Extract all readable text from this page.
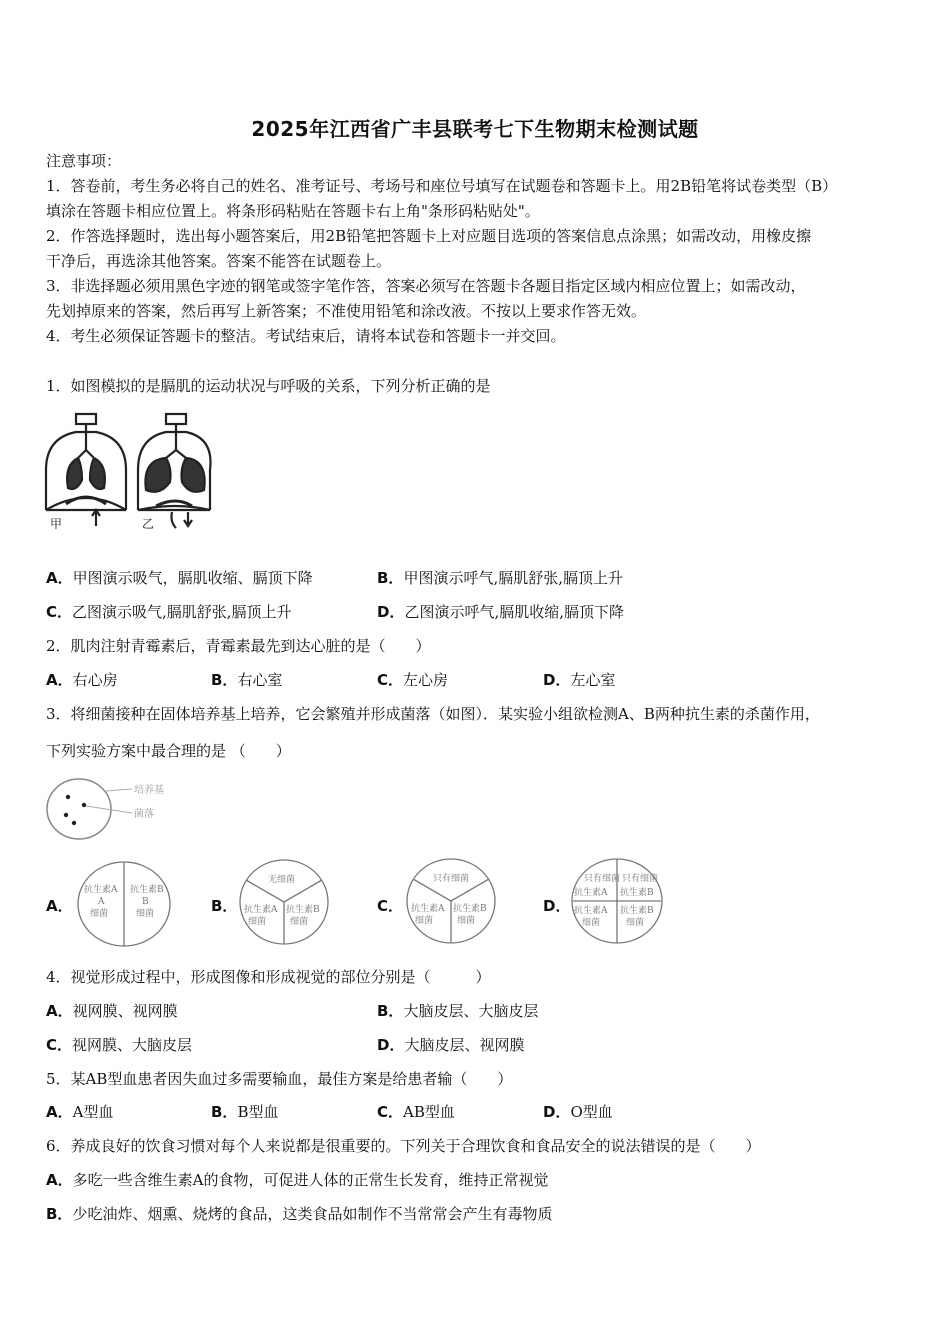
2025年江西省广丰县联考七下生物期末检测试题
注意事项：
1．答卷前，考生务必将自己的姓名、准考证号、考场号和座位号填写在试题卷和答题卡上。用2B铅笔将试卷类型（B）
填涂在答题卡相应位置上。将条形码粘贴在答题卡右上角"条形码粘贴处"。
2．作答选择题时，选出每小题答案后，用2B铅笔把答题卡上对应题目选项的答案信息点涂黑；如需改动，用橡皮擦
干净后，再选涂其他答案。答案不能答在试题卷上。
3．非选择题必须用黑色字迹的钢笔或签字笔作答，答案必须写在答题卡各题目指定区域内相应位置上；如需改动，
先划掉原来的答案，然后再写上新答案；不准使用铅笔和涂改液。不按以上要求作答无效。
4．考生必须保证答题卡的整洁。考试结束后，请将本试卷和答题卡一并交回。
1．如图模拟的是膈肌的运动状况与呼吸的关系，下列分析正确的是
甲	乙
A．甲图演示吸气，膈肌收缩、膈顶下降	B．甲图演示呼气,膈肌舒张,膈顶上升
C．乙图演示吸气,膈肌舒张,膈顶上升	D．乙图演示呼气,膈肌收缩,膈顶下降
2．肌肉注射青霉素后，青霉素最先到达心脏的是（　　）
A．右心房	B．右心室	C．左心房	D．左心室
3．将细菌接种在固体培养基上培养，它会繁殖并形成菌落（如图）．某实验小组欲检测A、B两种抗生素的杀菌作用，
下列实验方案中最合理的是 （　　）
培养基
菌落
A．
抗生素A
A
细菌
抗生素B
B
细菌	B．
无细菌
抗生素A
细菌
抗生素B
细菌
C．
只有细菌
抗生素A
细菌
抗生素B
细菌
D．
只有细菌
抗生素A
只有细菌
抗生素B
抗生素A
细菌
抗生素B
细菌
4．视觉形成过程中，形成图像和形成视觉的部位分别是（　　　）
A．视网膜、视网膜	B．大脑皮层、大脑皮层
C．视网膜、大脑皮层	D．大脑皮层、视网膜
5．某AB型血患者因失血过多需要输血，最佳方案是给患者输（　　）
A．A型血	B．B型血	C．AB型血	D．O型血
6．养成良好的饮食习惯对每个人来说都是很重要的。下列关于合理饮食和食品安全的说法错误的是（　　）
A．多吃一些含维生素A的食物，可促进人体的正常生长发育，维持正常视觉
B．少吃油炸、烟熏、烧烤的食品，这类食品如制作不当常常会产生有毒物质
